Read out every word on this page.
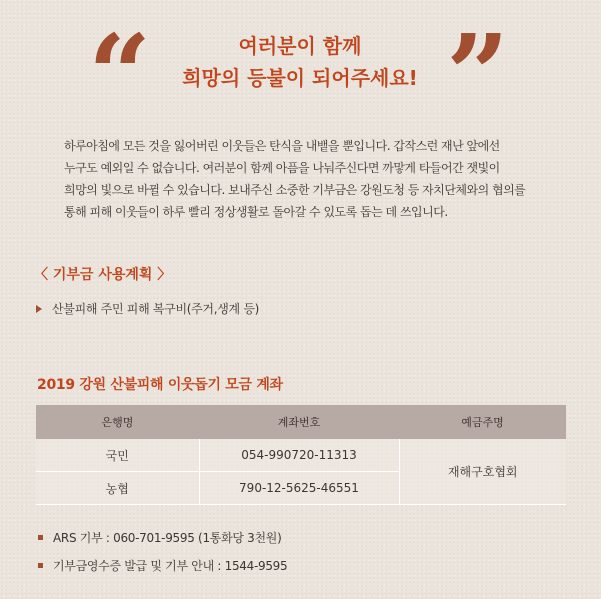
“	”
여러분이 함께
희망의 등불이 되어주세요!

하루아침에 모든 것을 잃어버린 이웃들은 탄식을 내뱉을 뿐입니다. 갑작스런 재난 앞에선

누구도 예외일 수 없습니다. 여러분이 함께 아픔을 나눠주신다면 까맣게 타들어간 잿빛이

희망의 빛으로 바뀔 수 있습니다. 보내주신 소중한 기부금은 강원도청 등 자치단체와의 협의를

통해 피해 이웃들이 하루 빨리 정상생활로 돌아갈 수 있도록 돕는 데 쓰입니다.

〈 기부금 사용계획 〉
산불피해 주민 피해 복구비(주거,생계 등)
2019 강원 산불피해 이웃돕기 모금 계좌
은행명	계좌번호	예금주명
국민	054-990720-11313	재해구호협회
농협	790-12-5625-46551	
ARS 기부 : 060-701-9595 (1통화당 3천원)
기부금영수증 발급 및 기부 안내 : 1544-9595
